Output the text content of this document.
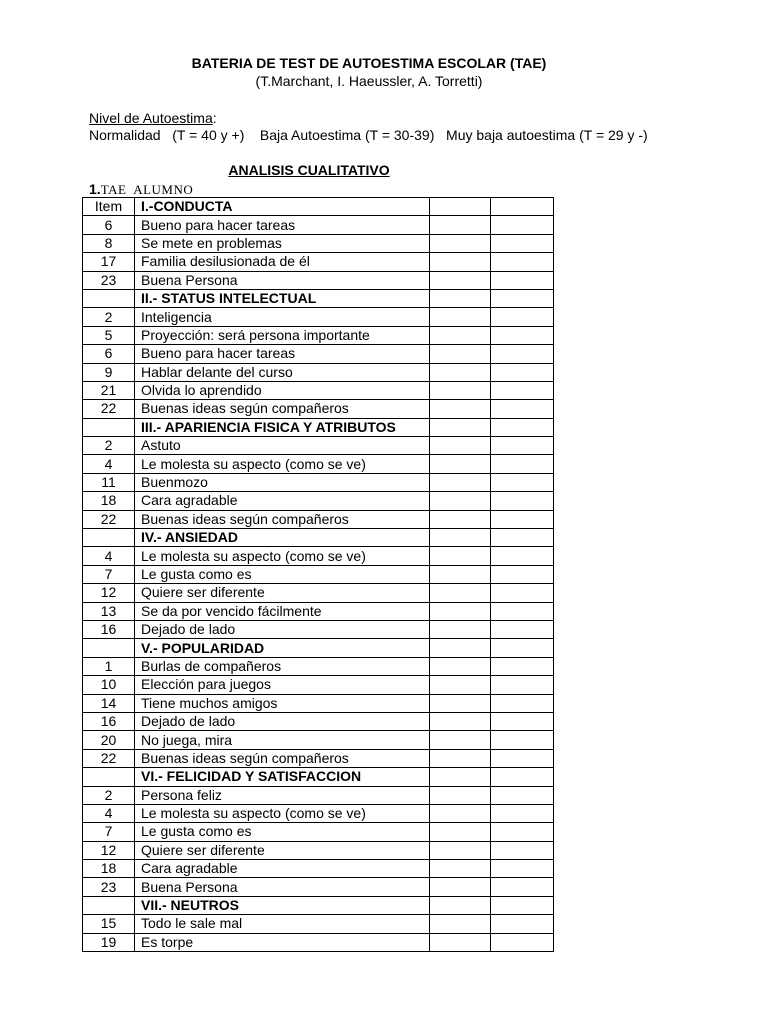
BATERIA DE TEST DE AUTOESTIMA ESCOLAR (TAE)
(T.Marchant, I. Haeussler, A. Torretti)
Nivel de Autoestima:
Normalidad   (T = 40 y +)    Baja Autoestima (T = 30-39)   Muy baja autoestima (T = 29 y -)
ANALISIS CUALITATIVO
1.TAE  ALUMNO
Item	I.-CONDUCTA		
6	Bueno para hacer tareas		
8	Se mete en problemas		
17	Familia desilusionada de él		
23	Buena Persona		
	II.- STATUS INTELECTUAL		
2	Inteligencia		
5	Proyección: será persona importante		
6	Bueno para hacer tareas		
9	Hablar delante del curso		
21	Olvida lo aprendido		
22	Buenas ideas según compañeros		
	III.- APARIENCIA FISICA Y ATRIBUTOS		
2	Astuto		
4	Le molesta su aspecto (como se ve)		
11	Buenmozo		
18	Cara agradable		
22	Buenas ideas según compañeros		
	IV.- ANSIEDAD		
4	Le molesta su aspecto (como se ve)		
7	Le gusta como es		
12	Quiere ser diferente		
13	Se da por vencido fácilmente		
16	Dejado de lado		
	V.- POPULARIDAD		
1	Burlas de compañeros		
10	Elección para juegos		
14	Tiene muchos amigos		
16	Dejado de lado		
20	No juega, mira		
22	Buenas ideas según compañeros		
	VI.- FELICIDAD Y SATISFACCION		
2	Persona feliz		
4	Le molesta su aspecto (como se ve)		
7	Le gusta como es		
12	Quiere ser diferente		
18	Cara agradable		
23	Buena Persona		
	VII.- NEUTROS		
15	Todo le sale mal		
19	Es torpe		
